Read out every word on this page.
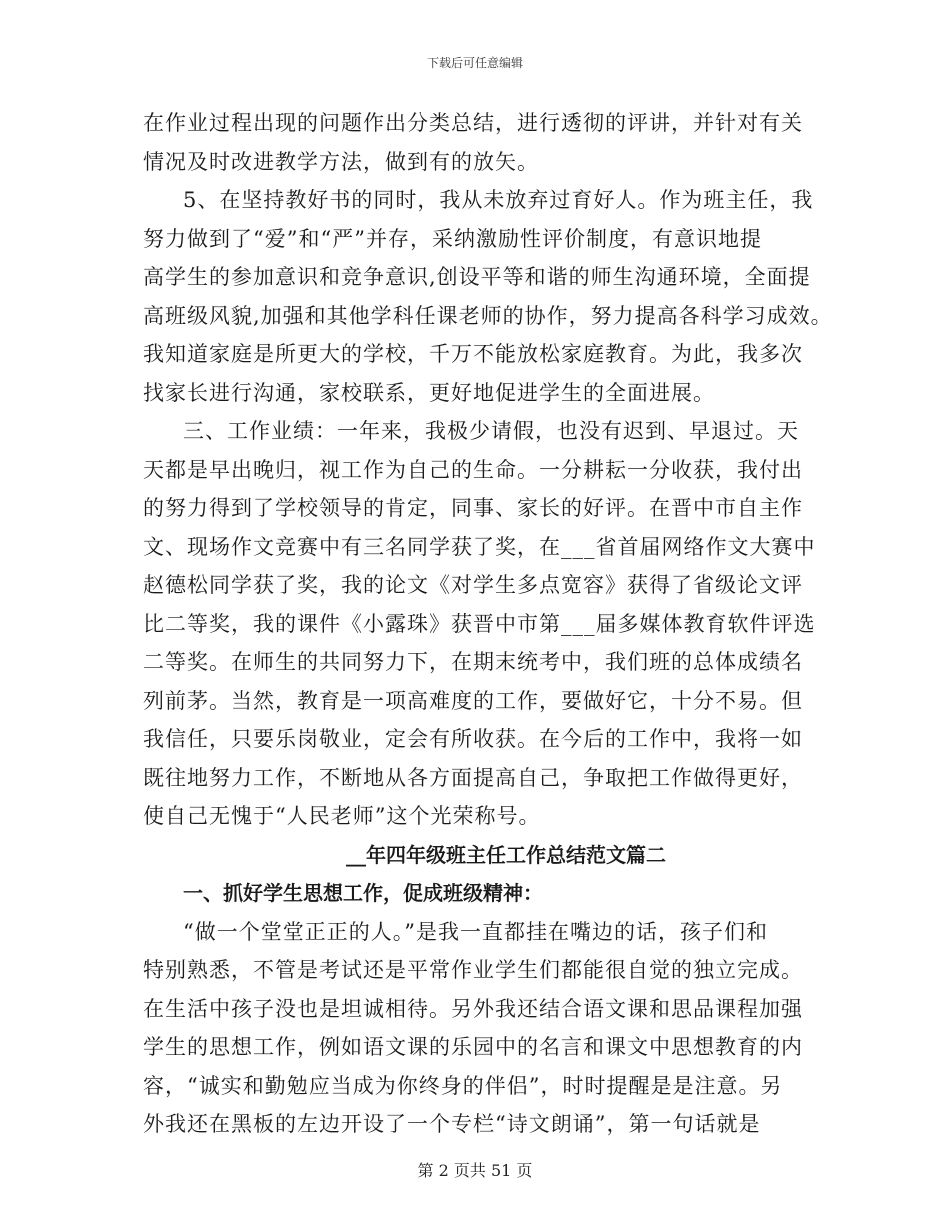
下载后可任意编辑
在作业过程出现的问题作出分类总结，进行透彻的评讲，并针对有关
情况及时改进教学方法，做到有的放矢。
5、在坚持教好书的同时，我从未放弃过育好人。作为班主任，我
努力做到了“爱”和“严”并存，采纳激励性评价制度，有意识地提
高学生的参加意识和竞争意识,创设平等和谐的师生沟通环境，全面提
高班级风貌,加强和其他学科任课老师的协作，努力提高各科学习成效。
我知道家庭是所更大的学校，千万不能放松家庭教育。为此，我多次
找家长进行沟通，家校联系，更好地促进学生的全面进展。
三、工作业绩：一年来，我极少请假，也没有迟到、早退过。天
天都是早出晚归，视工作为自己的生命。一分耕耘一分收获，我付出
的努力得到了学校领导的肯定，同事、家长的好评。在晋中市自主作
文、现场作文竞赛中有三名同学获了奖，在___省首届网络作文大赛中
赵德松同学获了奖，我的论文《对学生多点宽容》获得了省级论文评
比二等奖，我的课件《小露珠》获晋中市第___届多媒体教育软件评选
二等奖。在师生的共同努力下，在期末统考中，我们班的总体成绩名
列前茅。当然，教育是一项高难度的工作，要做好它，十分不易。但
我信任，只要乐岗敬业，定会有所收获。在今后的工作中，我将一如
既往地努力工作，不断地从各方面提高自己，争取把工作做得更好，
使自己无愧于“人民老师”这个光荣称号。
__年四年级班主任工作总结范文篇二
一、抓好学生思想工作，促成班级精神：
“做一个堂堂正正的人。”是我一直都挂在嘴边的话，孩子们和
特别熟悉，不管是考试还是平常作业学生们都能很自觉的独立完成。
在生活中孩子没也是坦诚相待。另外我还结合语文课和思品课程加强
学生的思想工作，例如语文课的乐园中的名言和课文中思想教育的内
容，“诚实和勤勉应当成为你终身的伴侣”，时时提醒是是注意。另
外我还在黑板的左边开设了一个专栏“诗文朗诵”，第一句话就是
第 2 页共 51 页
